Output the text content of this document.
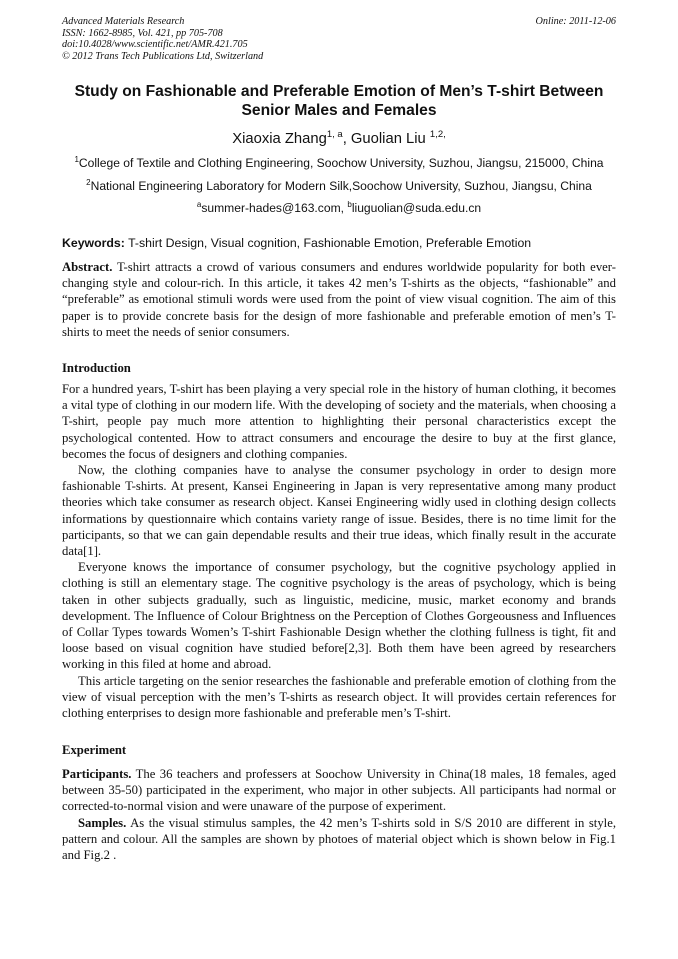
Advanced Materials Research
ISSN: 1662-8985, Vol. 421, pp 705-708
doi:10.4028/www.scientific.net/AMR.421.705
© 2012 Trans Tech Publications Ltd, Switzerland
Online: 2011-12-06
Study on Fashionable and Preferable Emotion of Men’s T-shirt Between
Senior Males and Females
Xiaoxia Zhang$^{1, a}$, Guolian Liu $^{1,2,}$
$^1$College of Textile and Clothing Engineering, Soochow University, Suzhou, Jiangsu, 215000, China
$^2$National Engineering Laboratory for Modern Silk,Soochow University, Suzhou, Jiangsu, China
$^a$summer-hades@163.com, $^b$liuguolian@suda.edu.cn
Keywords: T-shirt Design, Visual cognition, Fashionable Emotion, Preferable Emotion

Abstract. T-shirt attracts a crowd of various consumers and endures worldwide popularity for both ever-changing style and colour-rich. In this article, it takes 42 men’s T-shirts as the objects, “fashionable” and “preferable” as emotional stimuli words were used from the point of view visual cognition. The aim of this paper is to provide concrete basis for the design of more fashionable and preferable emotion of men’s T-shirts to meet the needs of senior consumers.

Introduction

For a hundred years, T-shirt has been playing a very special role in the history of human clothing, it becomes a vital type of clothing in our modern life. With the developing of society and the materials, when choosing a T-shirt, people pay much more attention to highlighting their personal characteristics except the psychological contented. How to attract consumers and encourage the desire to buy at the first glance, becomes the focus of designers and clothing companies.

Now, the clothing companies have to analyse the consumer psychology in order to design more fashionable T-shirts. At present, Kansei Engineering in Japan is very representative among many product theories which take consumer as research object. Kansei Engineering widly used in clothing design collects informations by questionnaire which contains variety range of issue. Besides, there is no time limit for the participants, so that we can gain dependable results and their true ideas, which finally result in the accurate data[1].

Everyone knows the importance of consumer psychology, but the cognitive psychology applied in clothing is still an elementary stage. The cognitive psychology is the areas of psychology, which is being taken in other subjects gradually, such as linguistic, medicine, music, market economy and brands development. The Influence of Colour Brightness on the Perception of Clothes Gorgeousness and Influences of Collar Types towards Women’s T-shirt Fashionable Design whether the clothing fullness is tight, fit and loose based on visual cognition have studied before[2,3]. Both them have been agreed by researchers working in this filed at home and abroad.

This article targeting on the senior researches the fashionable and preferable emotion of clothing from the view of visual perception with the men’s T-shirts as research object. It will provides certain references for clothing enterprises to design more fashionable and preferable men’s T-shirt.

Experiment

Participants. The 36 teachers and professers at Soochow University in China(18 males, 18 females, aged between 35-50) participated in the experiment, who major in other subjects. All participants had normal or corrected-to-normal vision and were unaware of the purpose of experiment.

Samples. As the visual stimulus samples, the 42 men’s T-shirts sold in S/S 2010 are different in style, pattern and colour. All the samples are shown by photoes of material object which is shown below in Fig.1 and Fig.2 .
